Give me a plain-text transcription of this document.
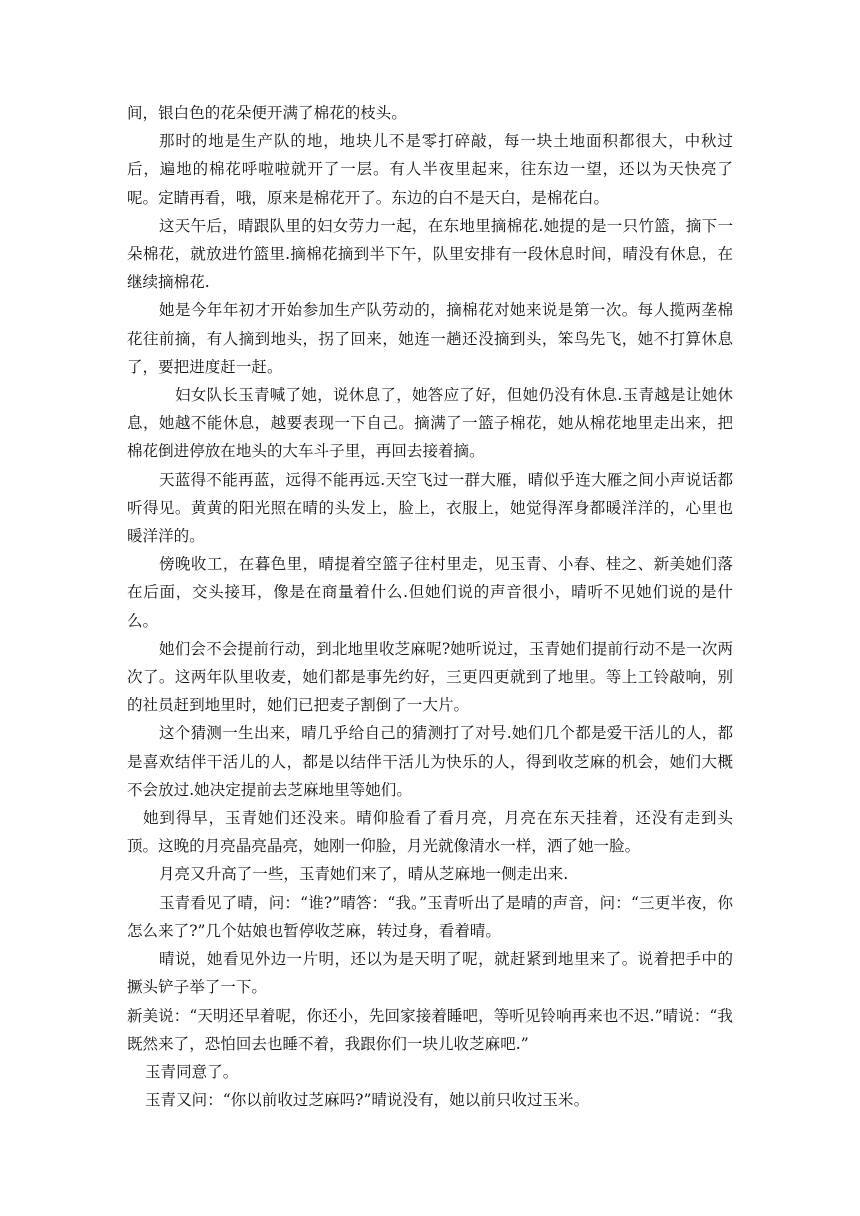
间，银白色的花朵便开满了棉花的枝头。

那时的地是生产队的地，地块儿不是零打碎敲，每一块土地面积都很大，中秋过后，遍地的棉花呼啦啦就开了一层。有人半夜里起来，往东边一望，还以为天快亮了呢。定睛再看，哦，原来是棉花开了。东边的白不是天白，是棉花白。

这天午后，晴跟队里的妇女劳力一起，在东地里摘棉花.她提的是一只竹篮，摘下一朵棉花，就放进竹篮里.摘棉花摘到半下午，队里安排有一段休息时间，晴没有休息，在继续摘棉花.

她是今年年初才开始参加生产队劳动的，摘棉花对她来说是第一次。每人揽两垄棉花往前摘，有人摘到地头，拐了回来，她连一趟还没摘到头，笨鸟先飞，她不打算休息了，要把进度赶一赶。

妇女队长玉青喊了她，说休息了，她答应了好，但她仍没有休息.玉青越是让她休息，她越不能休息，越要表现一下自己。摘满了一篮子棉花，她从棉花地里走出来，把棉花倒进停放在地头的大车斗子里，再回去接着摘。

天蓝得不能再蓝，远得不能再远.天空飞过一群大雁，晴似乎连大雁之间小声说话都听得见。黄黄的阳光照在晴的头发上，脸上，衣服上，她觉得浑身都暖洋洋的，心里也暖洋洋的。

傍晚收工，在暮色里，晴提着空篮子往村里走，见玉青、小春、桂之、新美她们落在后面，交头接耳，像是在商量着什么.但她们说的声音很小，晴听不见她们说的是什么。

她们会不会提前行动，到北地里收芝麻呢?她听说过，玉青她们提前行动不是一次两次了。这两年队里收麦，她们都是事先约好，三更四更就到了地里。等上工铃敲响，别的社员赶到地里时，她们已把麦子割倒了一大片。

这个猜测一生出来，晴几乎给自己的猜测打了对号.她们几个都是爱干活儿的人，都是喜欢结伴干活儿的人，都是以结伴干活儿为快乐的人，得到收芝麻的机会，她们大概不会放过.她决定提前去芝麻地里等她们。

她到得早，玉青她们还没来。晴仰脸看了看月亮，月亮在东天挂着，还没有走到头顶。这晚的月亮晶亮晶亮，她刚一仰脸，月光就像清水一样，洒了她一脸。

月亮又升高了一些，玉青她们来了，晴从芝麻地一侧走出来.

玉青看见了晴，问：“谁?”晴答：“我。”玉青听出了是晴的声音，问：“三更半夜，你怎么来了?”几个姑娘也暂停收芝麻，转过身，看着晴。

晴说，她看见外边一片明，还以为是天明了呢，就赶紧到地里来了。说着把手中的撅头铲子举了一下。

新美说：“天明还早着呢，你还小，先回家接着睡吧，等听见铃响再来也不迟.”晴说：“我既然来了，恐怕回去也睡不着，我跟你们一块儿收芝麻吧.”

玉青同意了。

玉青又问：“你以前收过芝麻吗?”晴说没有，她以前只收过玉米。
